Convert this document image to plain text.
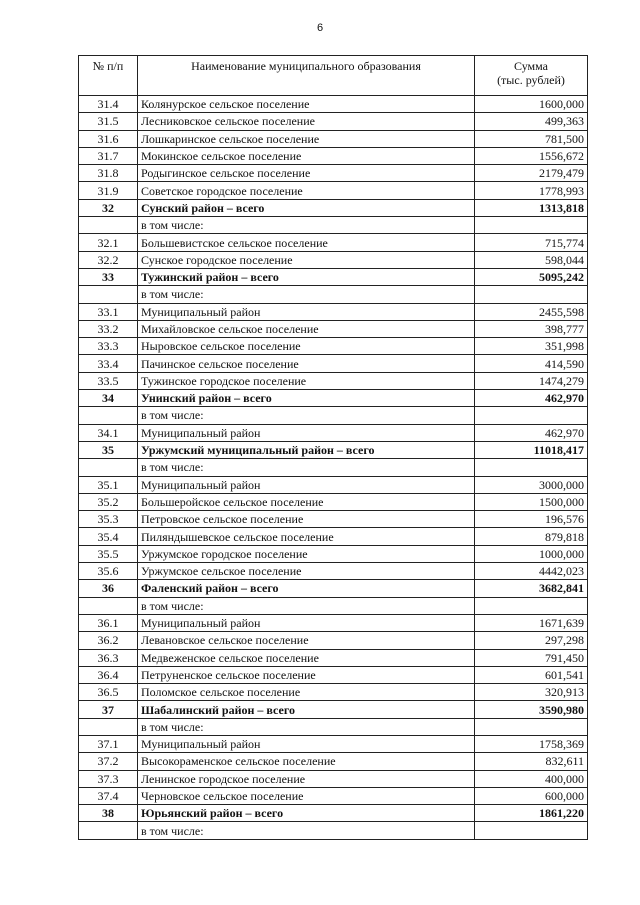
6
№ п/п	Наименование муниципального образования	Сумма
(тыс. рублей)
31.4	Колянурское сельское поселение	1600,000
31.5	Лесниковское сельское поселение	499,363
31.6	Лошкаринское сельское поселение	781,500
31.7	Мокинское сельское поселение	1556,672
31.8	Родыгинское сельское поселение	2179,479
31.9	Советское городское поселение	1778,993
32	Сунский район – всего	1313,818
	в том числе:	
32.1	Большевистское сельское поселение	715,774
32.2	Сунское городское поселение	598,044
33	Тужинский район – всего	5095,242
	в том числе:	
33.1	Муниципальный район	2455,598
33.2	Михайловское сельское поселение	398,777
33.3	Ныровское сельское поселение	351,998
33.4	Пачинское сельское поселение	414,590
33.5	Тужинское городское поселение	1474,279
34	Унинский район – всего	462,970
	в том числе:	
34.1	Муниципальный район	462,970
35	Уржумский муниципальный район – всего	11018,417
	в том числе:	
35.1	Муниципальный район	3000,000
35.2	Большеройское сельское поселение	1500,000
35.3	Петровское сельское поселение	196,576
35.4	Пиляндышевское сельское поселение	879,818
35.5	Уржумское городское поселение	1000,000
35.6	Уржумское сельское поселение	4442,023
36	Фаленский район – всего	3682,841
	в том числе:	
36.1	Муниципальный район	1671,639
36.2	Левановское сельское поселение	297,298
36.3	Медвеженское сельское поселение	791,450
36.4	Петруненское сельское поселение	601,541
36.5	Поломское сельское поселение	320,913
37	Шабалинский район – всего	3590,980
	в том числе:	
37.1	Муниципальный район	1758,369
37.2	Высокораменское сельское поселение	832,611
37.3	Ленинское городское поселение	400,000
37.4	Черновское сельское поселение	600,000
38	Юрьянский район – всего	1861,220
	в том числе:	
